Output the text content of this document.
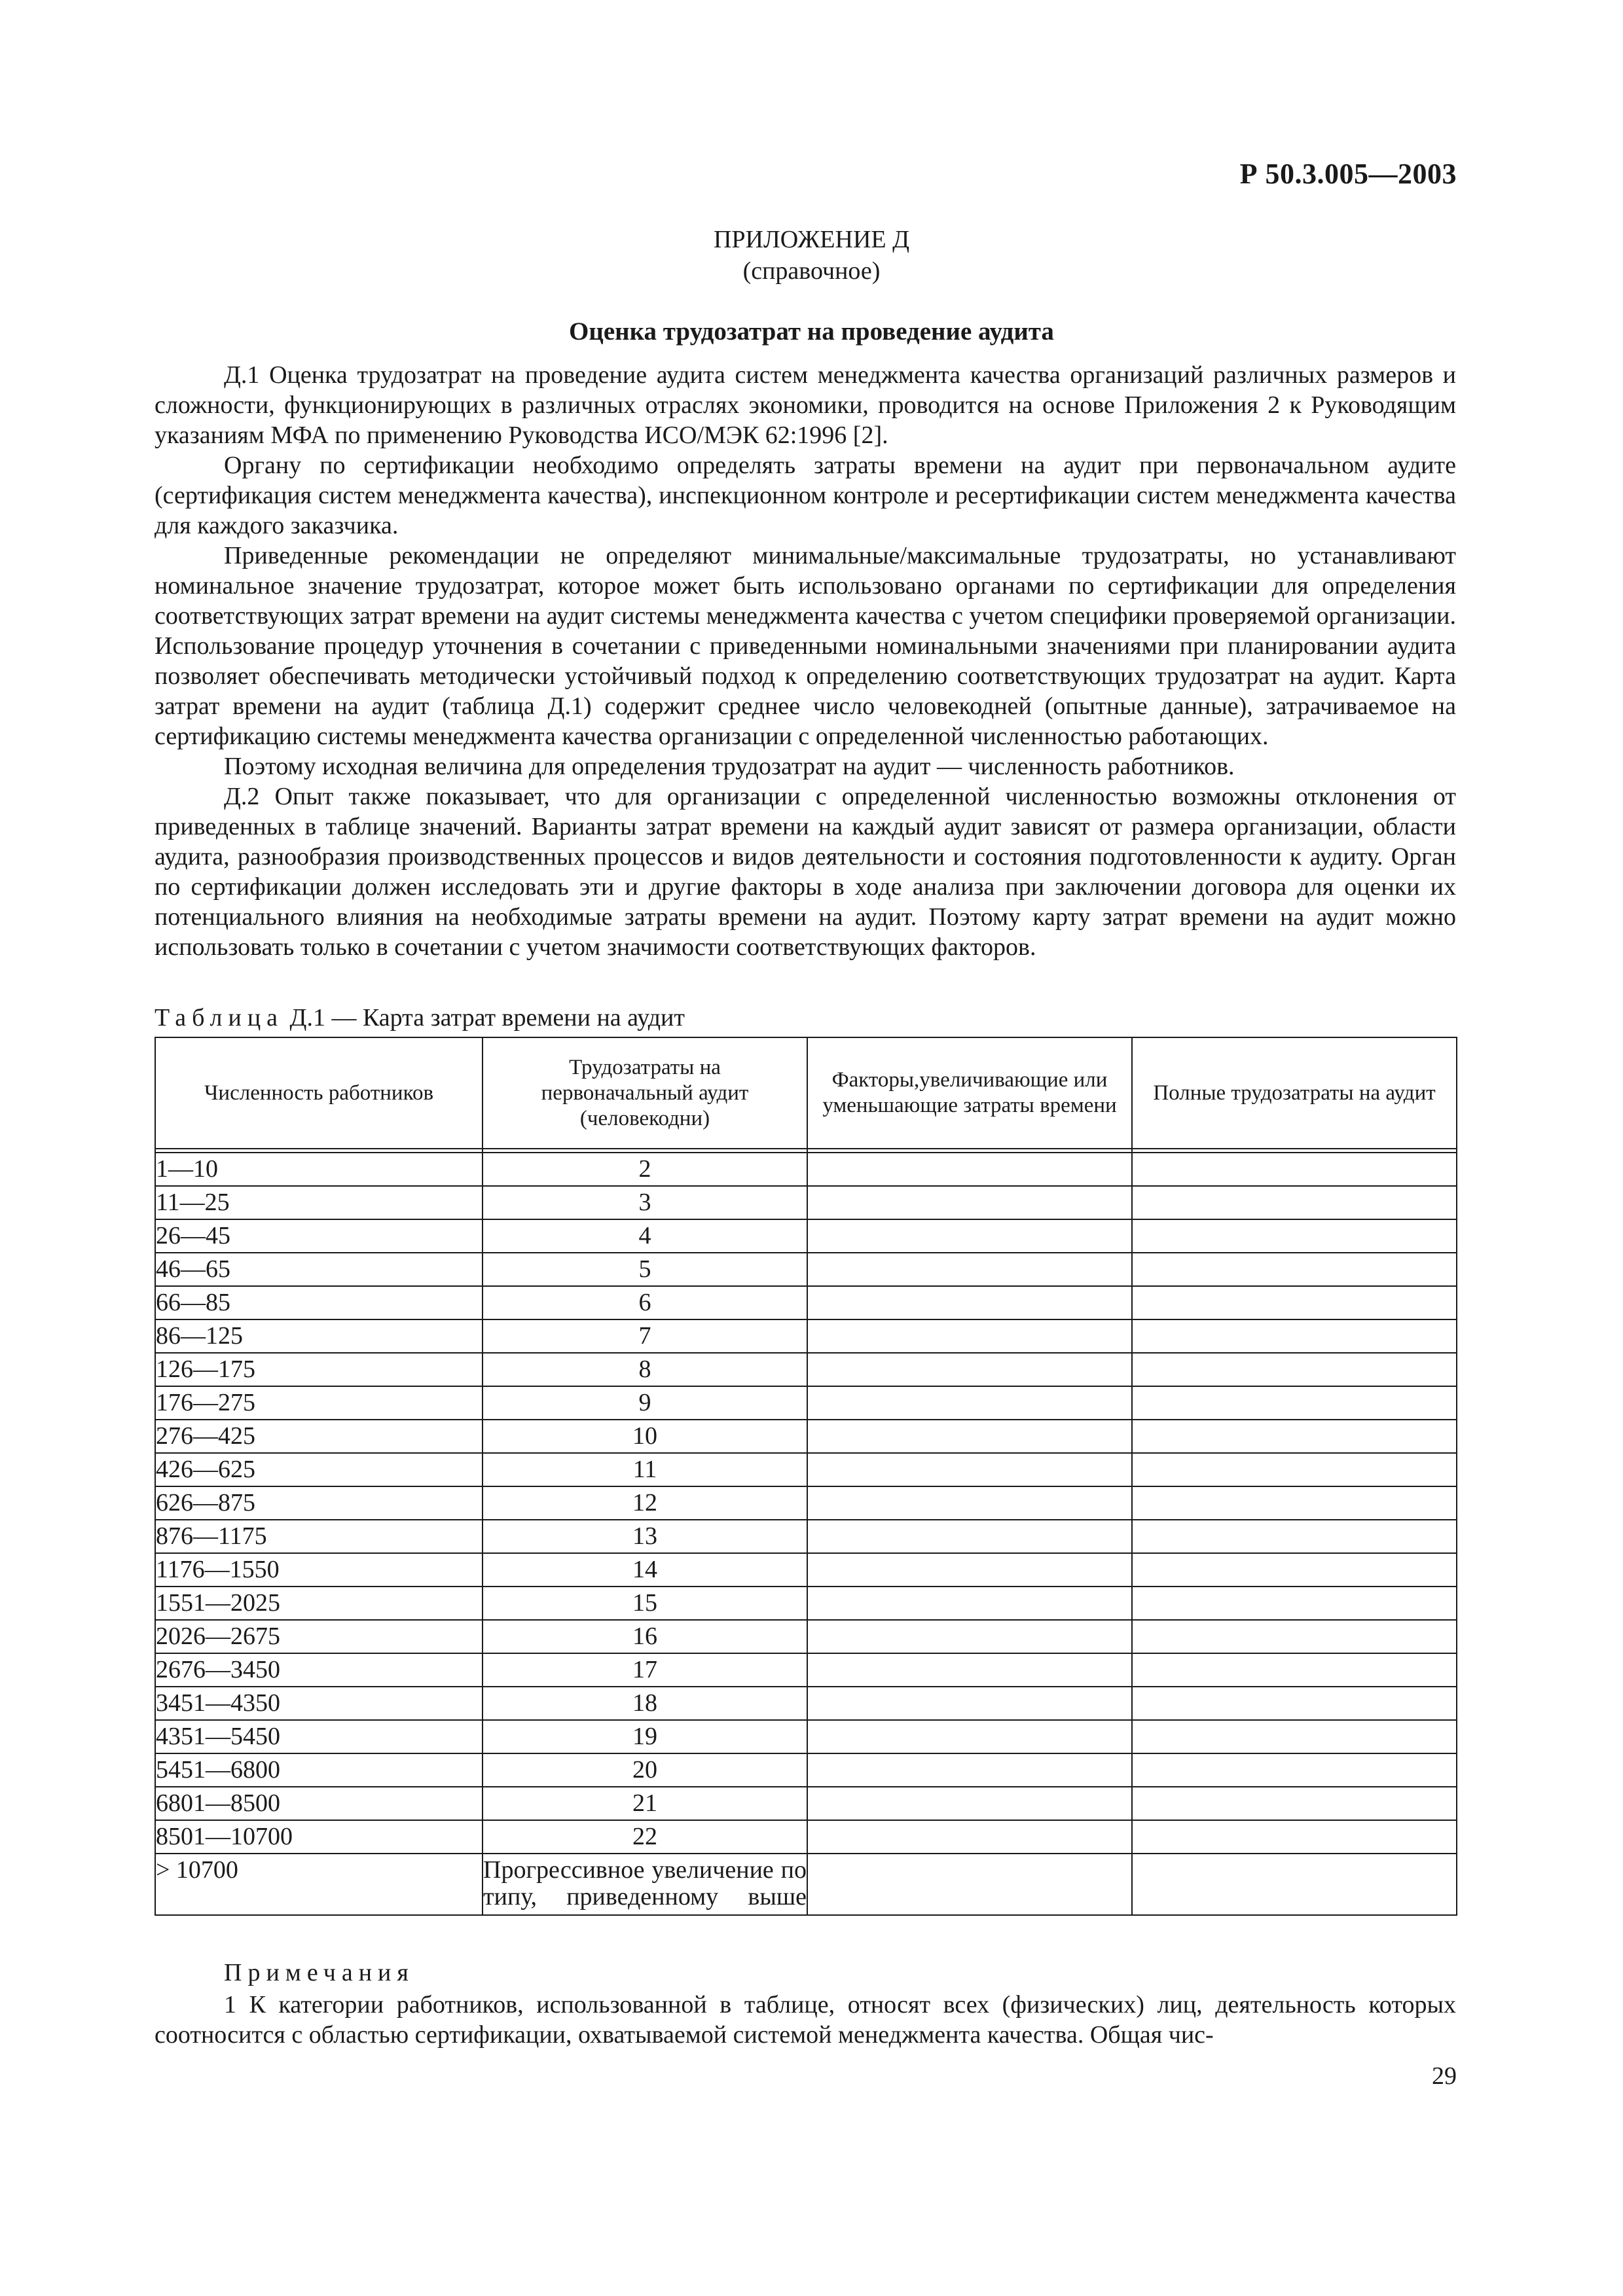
Р 50.3.005—2003
ПРИЛОЖЕНИЕ Д
(справочное)
Оценка трудозатрат на проведение аудита

Д.1 Оценка трудозатрат на проведение аудита систем менеджмента качества организаций различных размеров и сложности, функционирующих в различных отраслях экономики, проводится на основе Приложения 2 к Руководящим указаниям МФА по применению Руководства ИСО/МЭК 62:1996 [2].

Органу по сертификации необходимо определять затраты времени на аудит при первоначальном аудите (сертификация систем менеджмента качества), инспекционном контроле и ресертификации систем менеджмента качества для каждого заказчика.

Приведенные рекомендации не определяют минимальные/максимальные трудозатраты, но устанавливают номинальное значение трудозатрат, которое может быть использовано органами по сертификации для определения соответствующих затрат времени на аудит системы менеджмента качества с учетом специфики проверяемой организации. Использование процедур уточнения в сочетании с приведенными номинальными значениями при планировании аудита позволяет обеспечивать методически устойчивый подход к определению соответствующих трудозатрат на аудит. Карта затрат времени на аудит (таблица Д.1) содержит среднее число человекодней (опытные данные), затрачиваемое на сертификацию системы менеджмента качества организации с определенной численностью работающих.

Поэтому исходная величина для определения трудозатрат на аудит — численность работников.

Д.2 Опыт также показывает, что для организации с определенной численностью возможны отклонения от приведенных в таблице значений. Варианты затрат времени на каждый аудит зависят от размера организации, области аудита, разнообразия производственных процессов и видов деятельности и состояния подготовленности к аудиту. Орган по сертификации должен исследовать эти и другие факторы в ходе анализа при заключении договора для оценки их потенциального влияния на необходимые затраты времени на аудит. Поэтому карту затрат времени на аудит можно использовать только в сочетании с учетом значимости соответствующих факторов.

Таблица Д.1 — Карта затрат времени на аудит
Численность работников	Трудозатраты на первоначальный аудит (человекодни)	Факторы,увеличивающие или уменьшающие затраты времени	Полные трудозатраты на аудит

1—10	2		
11—25	3		
26—45	4		
46—65	5		
66—85	6		
86—125	7		
126—175	8		
176—275	9		
276—425	10		
426—625	11		
626—875	12		
876—1175	13		
1176—1550	14		
1551—2025	15		
2026—2675	16		
2676—3450	17		
3451—4350	18		
4351—5450	19		
5451—6800	20		
6801—8500	21		
8501—10700	22		
> 10700	Прогрессивное увеличение по типу, приведенному выше		
Примечания

1 К категории работников, использованной в таблице, относят всех (физических) лиц, деятельность которых соотносится с областью сертификации, охватываемой системой менеджмента качества. Общая чис-

29
